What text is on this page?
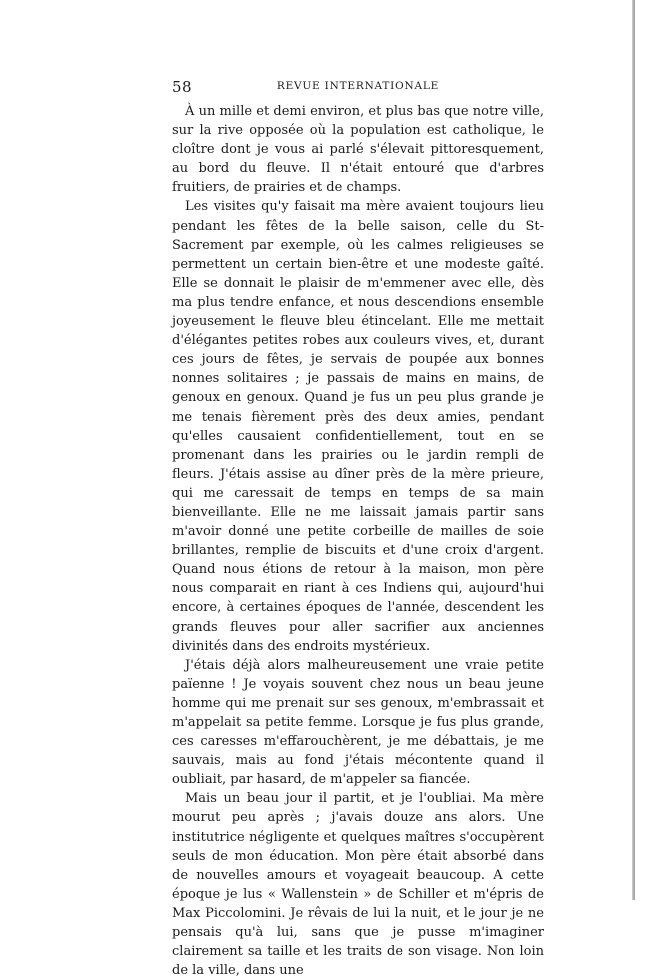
58	REVUE INTERNATIONALE

À un mille et demi environ, et plus bas que notre ville, sur la rive opposée où la population est catholique, le cloître dont je vous ai parlé s'élevait pittoresquement, au bord du fleuve. Il n'était entouré que d'arbres fruitiers, de prairies et de champs.

Les visites qu'y faisait ma mère avaient toujours lieu pendant les fêtes de la belle saison, celle du St-Sacrement par exemple, où les calmes religieuses se permettent un certain bien-être et une modeste gaîté. Elle se donnait le plaisir de m'emmener avec elle, dès ma plus tendre enfance, et nous descendions ensemble joyeusement le fleuve bleu étincelant. Elle me mettait d'élégantes petites robes aux couleurs vives, et, durant ces jours de fêtes, je servais de poupée aux bonnes nonnes solitaires ; je passais de mains en mains, de genoux en genoux. Quand je fus un peu plus grande je me tenais fièrement près des deux amies, pendant qu'elles causaient confidentiellement, tout en se promenant dans les prairies ou le jardin rempli de fleurs. J'étais assise au dîner près de la mère prieure, qui me caressait de temps en temps de sa main bienveillante. Elle ne me laissait jamais partir sans m'avoir donné une petite corbeille de mailles de soie brillantes, remplie de biscuits et d'une croix d'argent. Quand nous étions de retour à la maison, mon père nous comparait en riant à ces Indiens qui, aujourd'hui encore, à certaines époques de l'année, descendent les grands fleuves pour aller sacrifier aux anciennes divinités dans des endroits mystérieux.

J'étais déjà alors malheureusement une vraie petite païenne ! Je voyais souvent chez nous un beau jeune homme qui me prenait sur ses genoux, m'embrassait et m'appelait sa petite femme. Lorsque je fus plus grande, ces caresses m'effarouchèrent, je me débattais, je me sauvais, mais au fond j'étais mécontente quand il oubliait, par hasard, de m'appeler sa fiancée.

Mais un beau jour il partit, et je l'oubliai. Ma mère mourut peu après ; j'avais douze ans alors. Une institutrice négligente et quelques maîtres s'occupèrent seuls de mon éducation. Mon père était absorbé dans de nouvelles amours et voyageait beaucoup. A cette époque je lus « Wallenstein » de Schiller et m'épris de Max Piccolomini. Je rêvais de lui la nuit, et le jour je ne pensais qu'à lui, sans que je pusse m'imaginer clairement sa taille et les traits de son visage. Non loin de la ville, dans une
